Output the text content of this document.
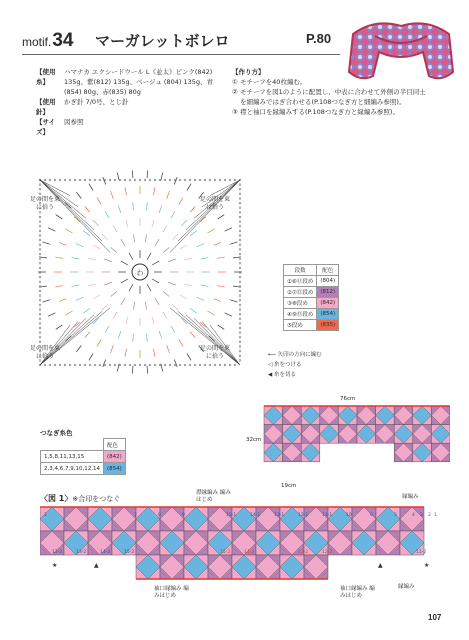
motif.34 マーガレットボレロ	P.80
【使用糸】
ハマナカ エクシードウール L《並太》ピンク(842) 135g、紫(812) 135g、ベージュ (804) 135g、青(854) 80g、赤(835) 80g
【使用針】
かぎ針 7/0号、とじ針
【サイズ】
図参照
【作り方】
① モチーフを40枚編む。
② モチーフを図1のように配置し、中表に合わせて外側の半目同士を細編みではぎ合わせる(P.108つなぎ方と細編み参照)。
③ 襟と袖口を縁編みする(P.108つなぎ方と縁編み参照)。
わ
足の間を束に拾う
足の間を束に拾う
足の間を束に拾う
足の間を束に拾う
段数	配色
①⑥⑪段め	(804)
②⑦⑫段め	(812)
③⑧段め	(842)
④⑨⑬段め	(854)
⑤段め	(835)
⟵ 矢印の方向に編む
◁ 糸をつける
◀ 糸を切る
つなぎ糸色
	配色
1,5,8,11,13,15	(842)
2,3,4,6,7,9,10,12,14	(854)
76cm
32cm
19cm
〈図 1〉※合印をつなぐ
襟縁編み 編みはじめ	縁編み
縁編み
袖口縁編み 編みはじめ
袖口縁編み 編みはじめ
1	7	8	9	15-1	14-1	13-1	12-1	11-1	10	6	5	4 3 2 1
12-2	13-2	14-2	15-2	15-2	14-2	13-2	12-2	11-2
★	▲	▲	★
107
